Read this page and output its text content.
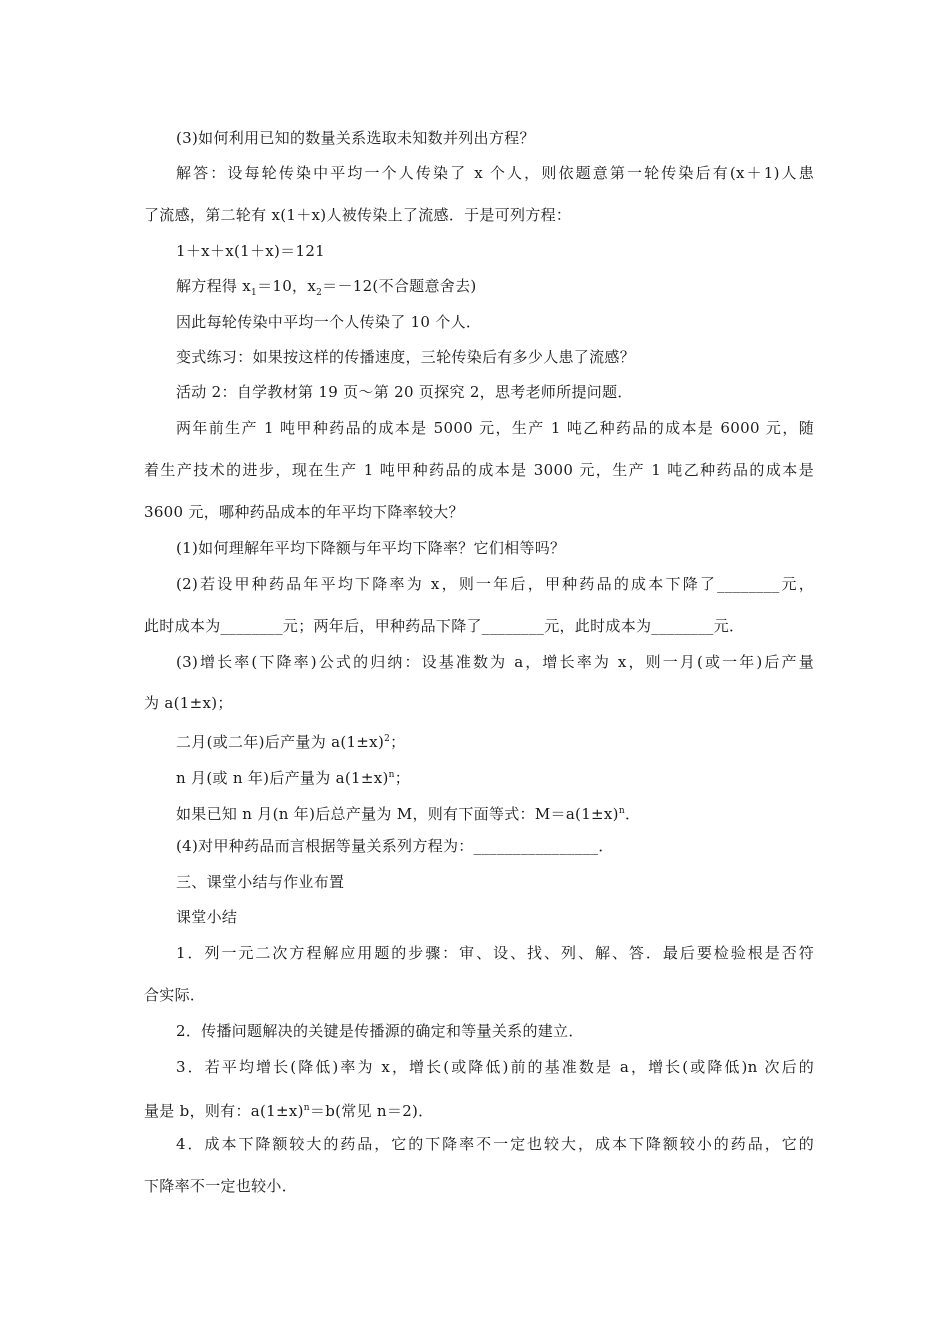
(3)如何利用已知的数量关系选取未知数并列出方程？
解答：设每轮传染中平均一个人传染了 x 个人，则依题意第一轮传染后有(x＋1)人患
了流感，第二轮有 x(1＋x)人被传染上了流感．于是可列方程：
1＋x＋x(1＋x)＝121
解方程得 $x_1=10$，$x_2=-12$(不合题意舍去)
因此每轮传染中平均一个人传染了 10 个人．
变式练习：如果按这样的传播速度，三轮传染后有多少人患了流感？
活动 2：自学教材第 19 页～第 20 页探究 2，思考老师所提问题．
两年前生产 1 吨甲种药品的成本是 5000 元，生产 1 吨乙种药品的成本是 6000 元，随
着生产技术的进步，现在生产 1 吨甲种药品的成本是 3000 元，生产 1 吨乙种药品的成本是
3600 元，哪种药品成本的年平均下降率较大？
(1)如何理解年平均下降额与年平均下降率？它们相等吗？
(2)若设甲种药品年平均下降率为 x，则一年后，甲种药品的成本下降了________元，
此时成本为________元；两年后，甲种药品下降了________元，此时成本为________元．
(3)增长率(下降率)公式的归纳：设基准数为 a，增长率为 x，则一月(或一年)后产量
为 a(1±x)；
二月(或二年)后产量为 $a(1\pm x)^2$；
n 月(或 n 年)后产量为 $a(1\pm x)^n$；
如果已知 n 月(n 年)后总产量为 M，则有下面等式：$M=a(1\pm x)^n$．
(4)对甲种药品而言根据等量关系列方程为：________________．
三、课堂小结与作业布置
课堂小结
1．列一元二次方程解应用题的步骤：审、设、找、列、解、答．最后要检验根是否符
合实际．
2．传播问题解决的关键是传播源的确定和等量关系的建立．
3．若平均增长(降低)率为 x，增长(或降低)前的基准数是 a，增长(或降低)n 次后的
量是 b，则有：$a(1\pm x)^n=b$(常见 n＝2)．
4．成本下降额较大的药品，它的下降率不一定也较大，成本下降额较小的药品，它的
下降率不一定也较小．
